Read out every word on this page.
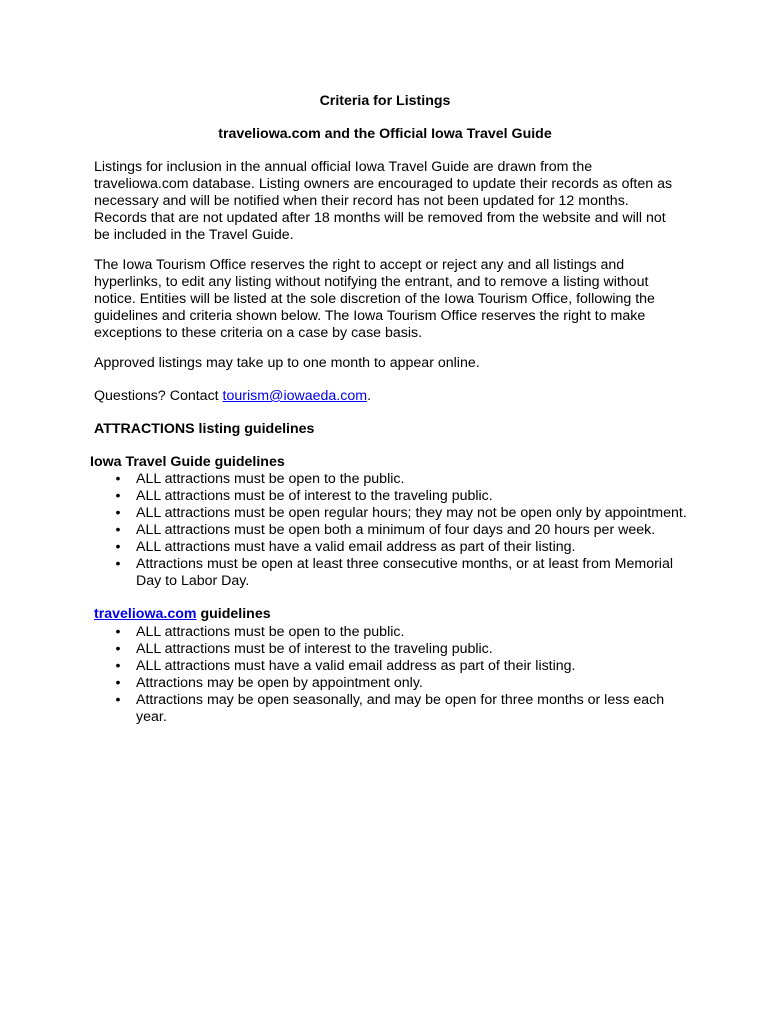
Criteria for Listings
traveliowa.com and the Official Iowa Travel Guide

Listings for inclusion in the annual official Iowa Travel Guide are drawn from the traveliowa.com database. Listing owners are encouraged to update their records as often as necessary and will be notified when their record has not been updated for 12 months. Records that are not updated after 18 months will be removed from the website and will not be included in the Travel Guide.

The Iowa Tourism Office reserves the right to accept or reject any and all listings and hyperlinks, to edit any listing without notifying the entrant, and to remove a listing without notice. Entities will be listed at the sole discretion of the Iowa Tourism Office, following the guidelines and criteria shown below. The Iowa Tourism Office reserves the right to make exceptions to these criteria on a case by case basis.

Approved listings may take up to one month to appear online.

Questions? Contact tourism@iowaeda.com.

ATTRACTIONS listing guidelines

Iowa Travel Guide guidelines

• ALL attractions must be open to the public.
• ALL attractions must be of interest to the traveling public.
• ALL attractions must be open regular hours; they may not be open only by appointment.
• ALL attractions must be open both a minimum of four days and 20 hours per week.
• ALL attractions must have a valid email address as part of their listing.
• Attractions must be open at least three consecutive months, or at least from Memorial Day to Labor Day.

traveliowa.com guidelines

• ALL attractions must be open to the public.
• ALL attractions must be of interest to the traveling public.
• ALL attractions must have a valid email address as part of their listing.
• Attractions may be open by appointment only.
• Attractions may be open seasonally, and may be open for three months or less each year.
